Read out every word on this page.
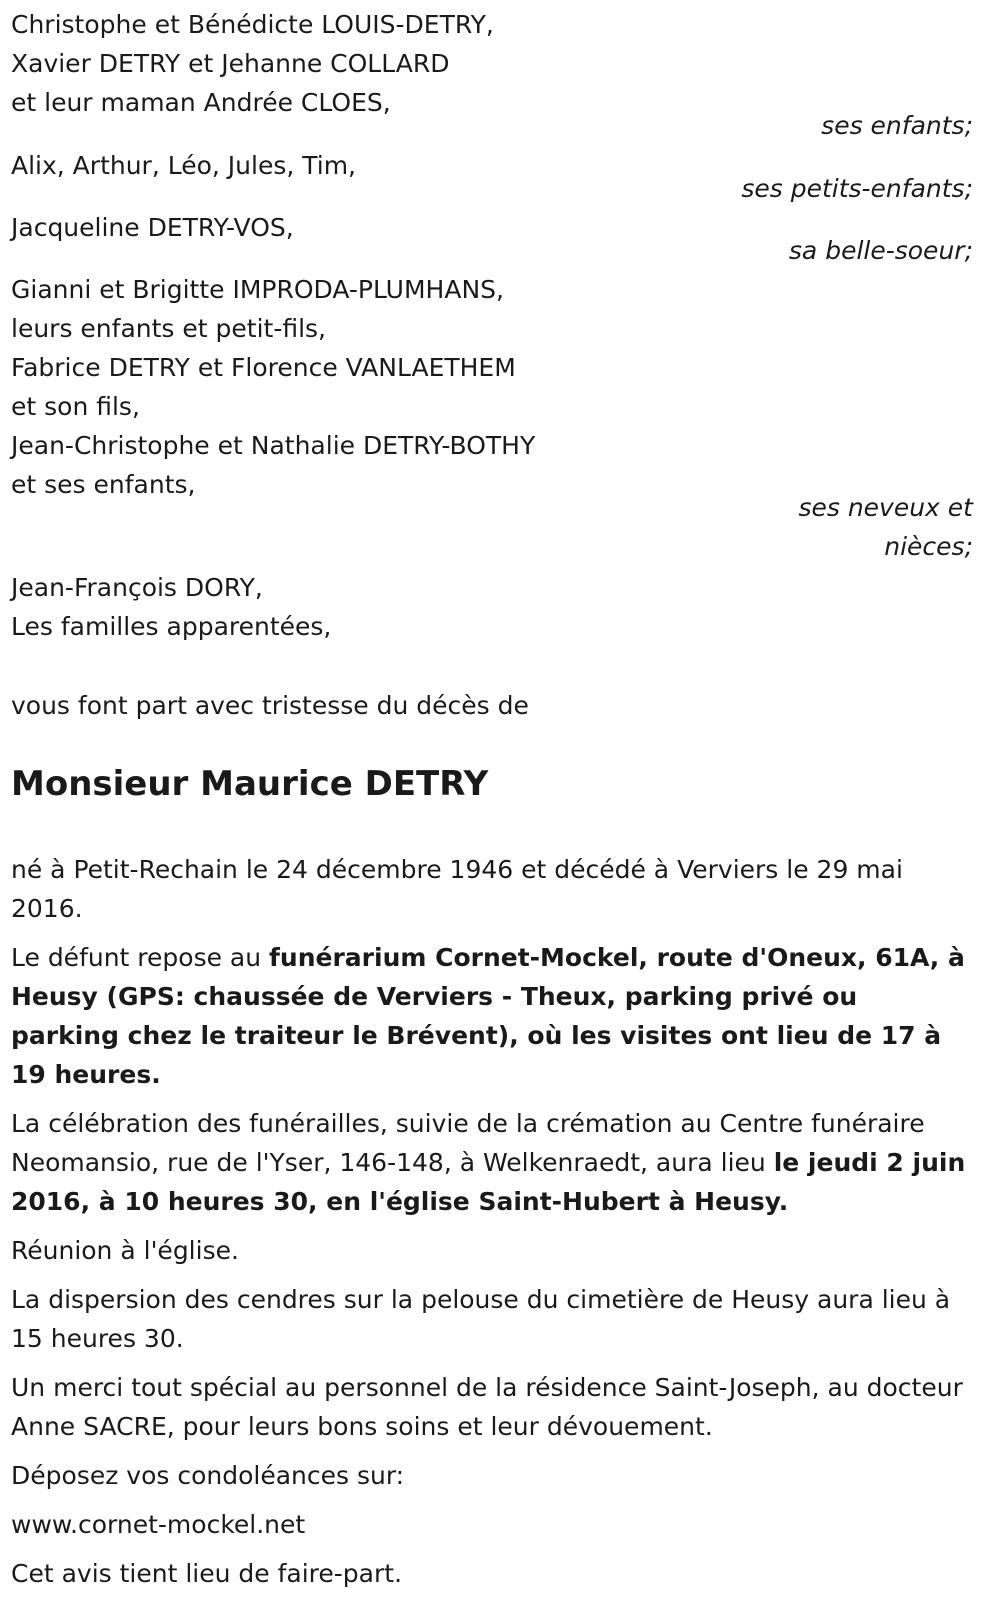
Christophe et Bénédicte LOUIS-DETRY,
Xavier DETRY et Jehanne COLLARD
et leur maman Andrée CLOES,
ses enfants;
Alix, Arthur, Léo, Jules, Tim,
ses petits-enfants;
Jacqueline DETRY-VOS,
sa belle-soeur;
Gianni et Brigitte IMPRODA-PLUMHANS,
leurs enfants et petit-fils,
Fabrice DETRY et Florence VANLAETHEM
et son fils,
Jean-Christophe et Nathalie DETRY-BOTHY
et ses enfants,
ses neveux et
nièces;
Jean-François DORY,
Les familles apparentées,
vous font part avec tristesse du décès de
Monsieur Maurice DETRY

né à Petit-Rechain le 24 décembre 1946 et décédé à Verviers le 29 mai 2016.

Le défunt repose au funérarium Cornet-Mockel, route d'Oneux, 61A, à Heusy (GPS: chaussée de Verviers - Theux, parking privé ou parking chez le traiteur le Brévent), où les visites ont lieu de 17 à 19 heures.

La célébration des funérailles, suivie de la crémation au Centre funéraire Neomansio, rue de l'Yser, 146-148, à Welkenraedt, aura lieu le jeudi 2 juin 2016, à 10 heures 30, en l'église Saint-Hubert à Heusy.

Réunion à l'église.

La dispersion des cendres sur la pelouse du cimetière de Heusy aura lieu à 15 heures 30.

Un merci tout spécial au personnel de la résidence Saint-Joseph, au docteur Anne SACRE, pour leurs bons soins et leur dévouement.

Déposez vos condoléances sur:

www.cornet-mockel.net

Cet avis tient lieu de faire-part.
